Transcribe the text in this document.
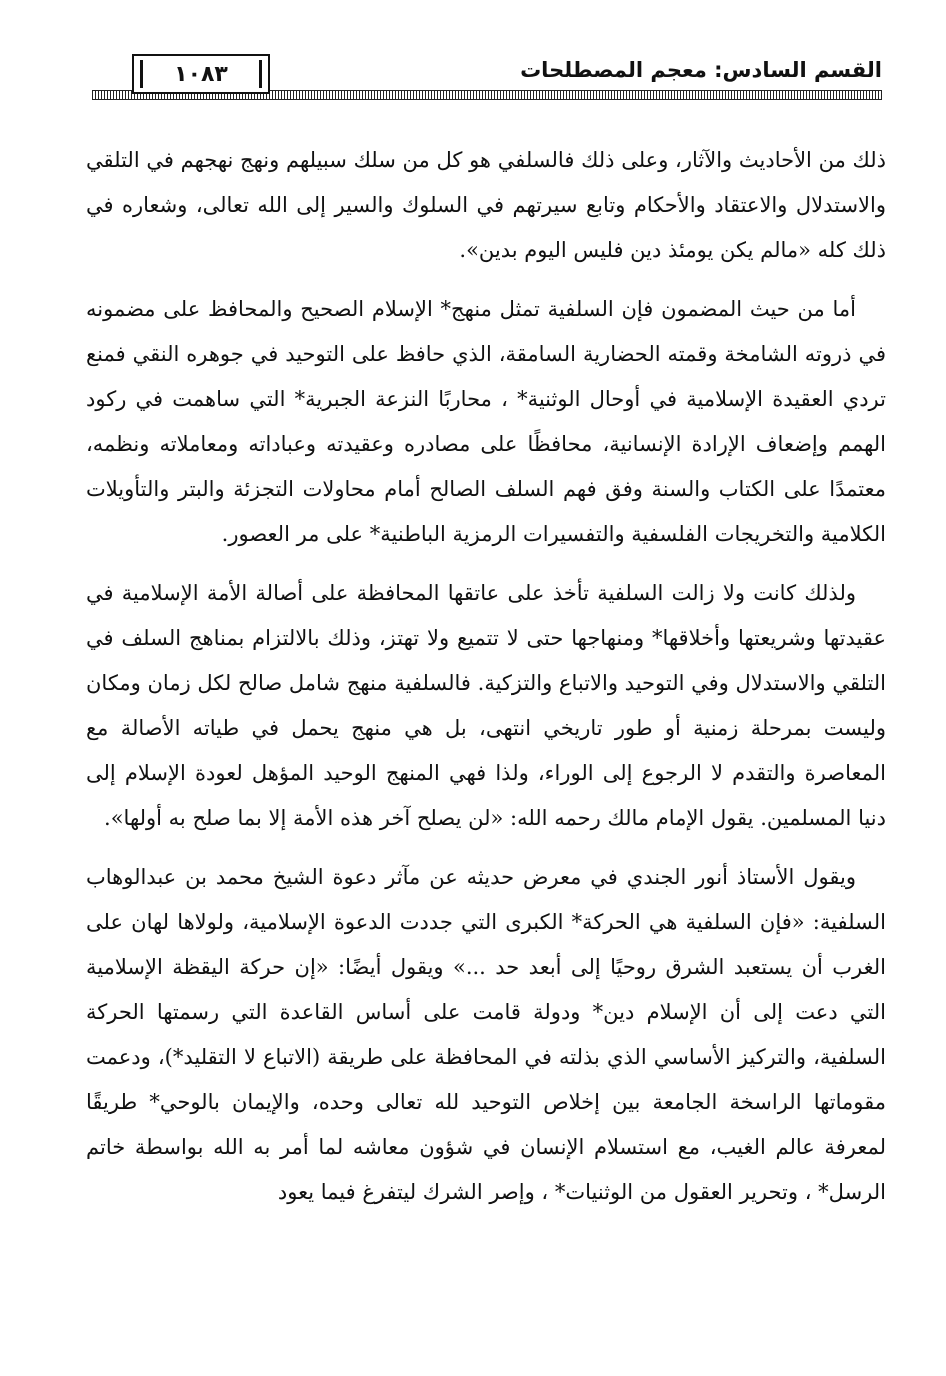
القسم السادس: معجم المصطلحات
١٠٨٣

ذلك من الأحاديث والآثار، وعلى ذلك فالسلفي هو كل من سلك سبيلهم ونهج نهجهم في التلقي والاستدلال والاعتقاد والأحكام وتابع سيرتهم في السلوك والسير إلى الله تعالى، وشعاره في ذلك كله «مالم يكن يومئذ دين فليس اليوم بدين».

أما من حيث المضمون فإن السلفية تمثل منهج* الإسلام الصحيح والمحافظ على مضمونه في ذروته الشامخة وقمته الحضارية السامقة، الذي حافظ على التوحيد في جوهره النقي فمنع تردي العقيدة الإسلامية في أوحال الوثنية* ، محاربًا النزعة الجبرية* التي ساهمت في ركود الهمم وإضعاف الإرادة الإنسانية، محافظًا على مصادره وعقيدته وعباداته ومعاملاته ونظمه، معتمدًا على الكتاب والسنة وفق فهم السلف الصالح أمام محاولات التجزئة والبتر والتأويلات الكلامية والتخريجات الفلسفية والتفسيرات الرمزية الباطنية* على مر العصور.

ولذلك كانت ولا زالت السلفية تأخذ على عاتقها المحافظة على أصالة الأمة الإسلامية في عقيدتها وشريعتها وأخلاقها* ومنهاجها حتى لا تتميع ولا تهتز، وذلك بالالتزام بمناهج السلف في التلقي والاستدلال وفي التوحيد والاتباع والتزكية. فالسلفية منهج شامل صالح لكل زمان ومكان وليست بمرحلة زمنية أو طور تاريخي انتهى، بل هي منهج يحمل في طياته الأصالة مع المعاصرة والتقدم لا الرجوع إلى الوراء، ولذا فهي المنهج الوحيد المؤهل لعودة الإسلام إلى دنيا المسلمين. يقول الإمام مالك رحمه الله: «لن يصلح آخر هذه الأمة إلا بما صلح به أولها».

ويقول الأستاذ أنور الجندي في معرض حديثه عن مآثر دعوة الشيخ محمد بن عبدالوهاب السلفية: «فإن السلفية هي الحركة* الكبرى التي جددت الدعوة الإسلامية، ولولاها لهان على الغرب أن يستعبد الشرق روحيًا إلى أبعد حد ...» ويقول أيضًا: «إن حركة اليقظة الإسلامية التي دعت إلى أن الإسلام دين* ودولة قامت على أساس القاعدة التي رسمتها الحركة السلفية، والتركيز الأساسي الذي بذلته في المحافظة على طريقة (الاتباع لا التقليد*)، ودعمت مقوماتها الراسخة الجامعة بين إخلاص التوحيد لله تعالى وحده، والإيمان بالوحي* طريقًا لمعرفة عالم الغيب، مع استسلام الإنسان في شؤون معاشه لما أمر به الله بواسطة خاتم الرسل* ، وتحرير العقول من الوثنيات* ، وإصر الشرك ليتفرغ فيما يعود
